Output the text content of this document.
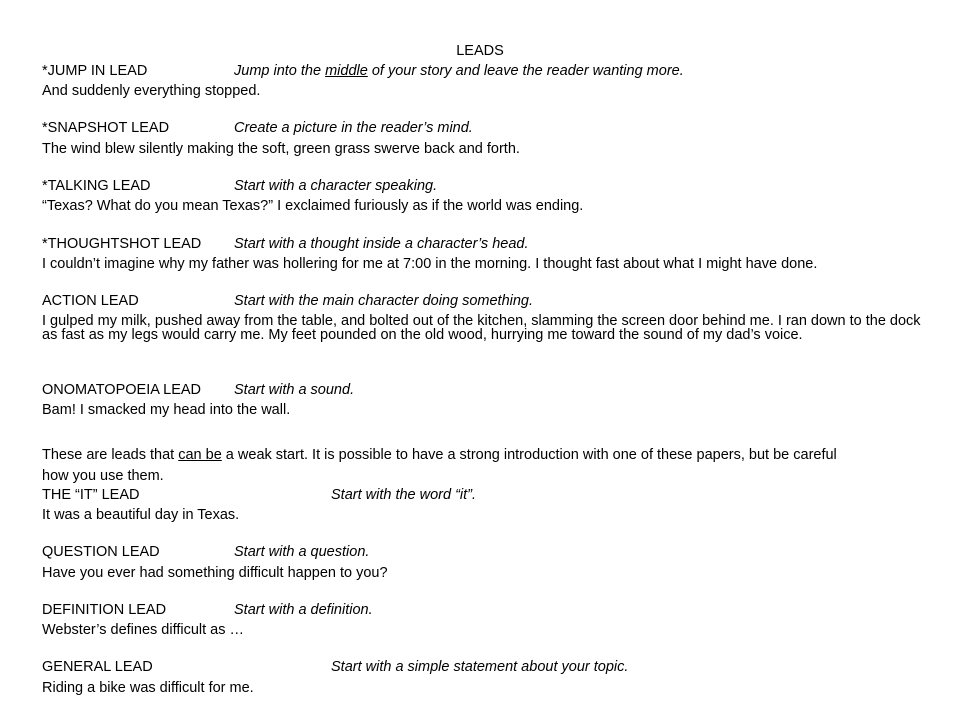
LEADS
*JUMP IN LEAD	Jump into the middle of your story and leave the reader wanting more.
And suddenly everything stopped.
*SNAPSHOT LEAD	Create a picture in the reader’s mind.
The wind blew silently making the soft, green grass swerve back and forth.
*TALKING LEAD	Start with a character speaking.
“Texas? What do you mean Texas?” I exclaimed furiously as if the world was ending.
*THOUGHTSHOT LEAD Start with a thought inside a character’s head.
I couldn’t imagine why my father was hollering for me at 7:00 in the morning. I thought fast about what I might have done.
ACTION LEAD	Start with the main character doing something.
I gulped my milk, pushed away from the table, and bolted out of the kitchen, slamming the screen door behind me. I ran down to the dock as fast as my legs would carry me. My feet pounded on the old wood, hurrying me toward the sound of my dad’s voice.
ONOMATOPOEIA LEAD Start with a sound.
Bam! I smacked my head into the wall.
These are leads that can be a weak start. It is possible to have a strong introduction with one of these papers, but be careful
how you use them.
THE “IT” LEAD	Start with the word “it”.
It was a beautiful day in Texas.
QUESTION LEAD	Start with a question.
Have you ever had something difficult happen to you?
DEFINITION LEAD	Start with a definition.
Webster’s defines difficult as …
GENERAL LEAD	Start with a simple statement about your topic.
Riding a bike was difficult for me.
